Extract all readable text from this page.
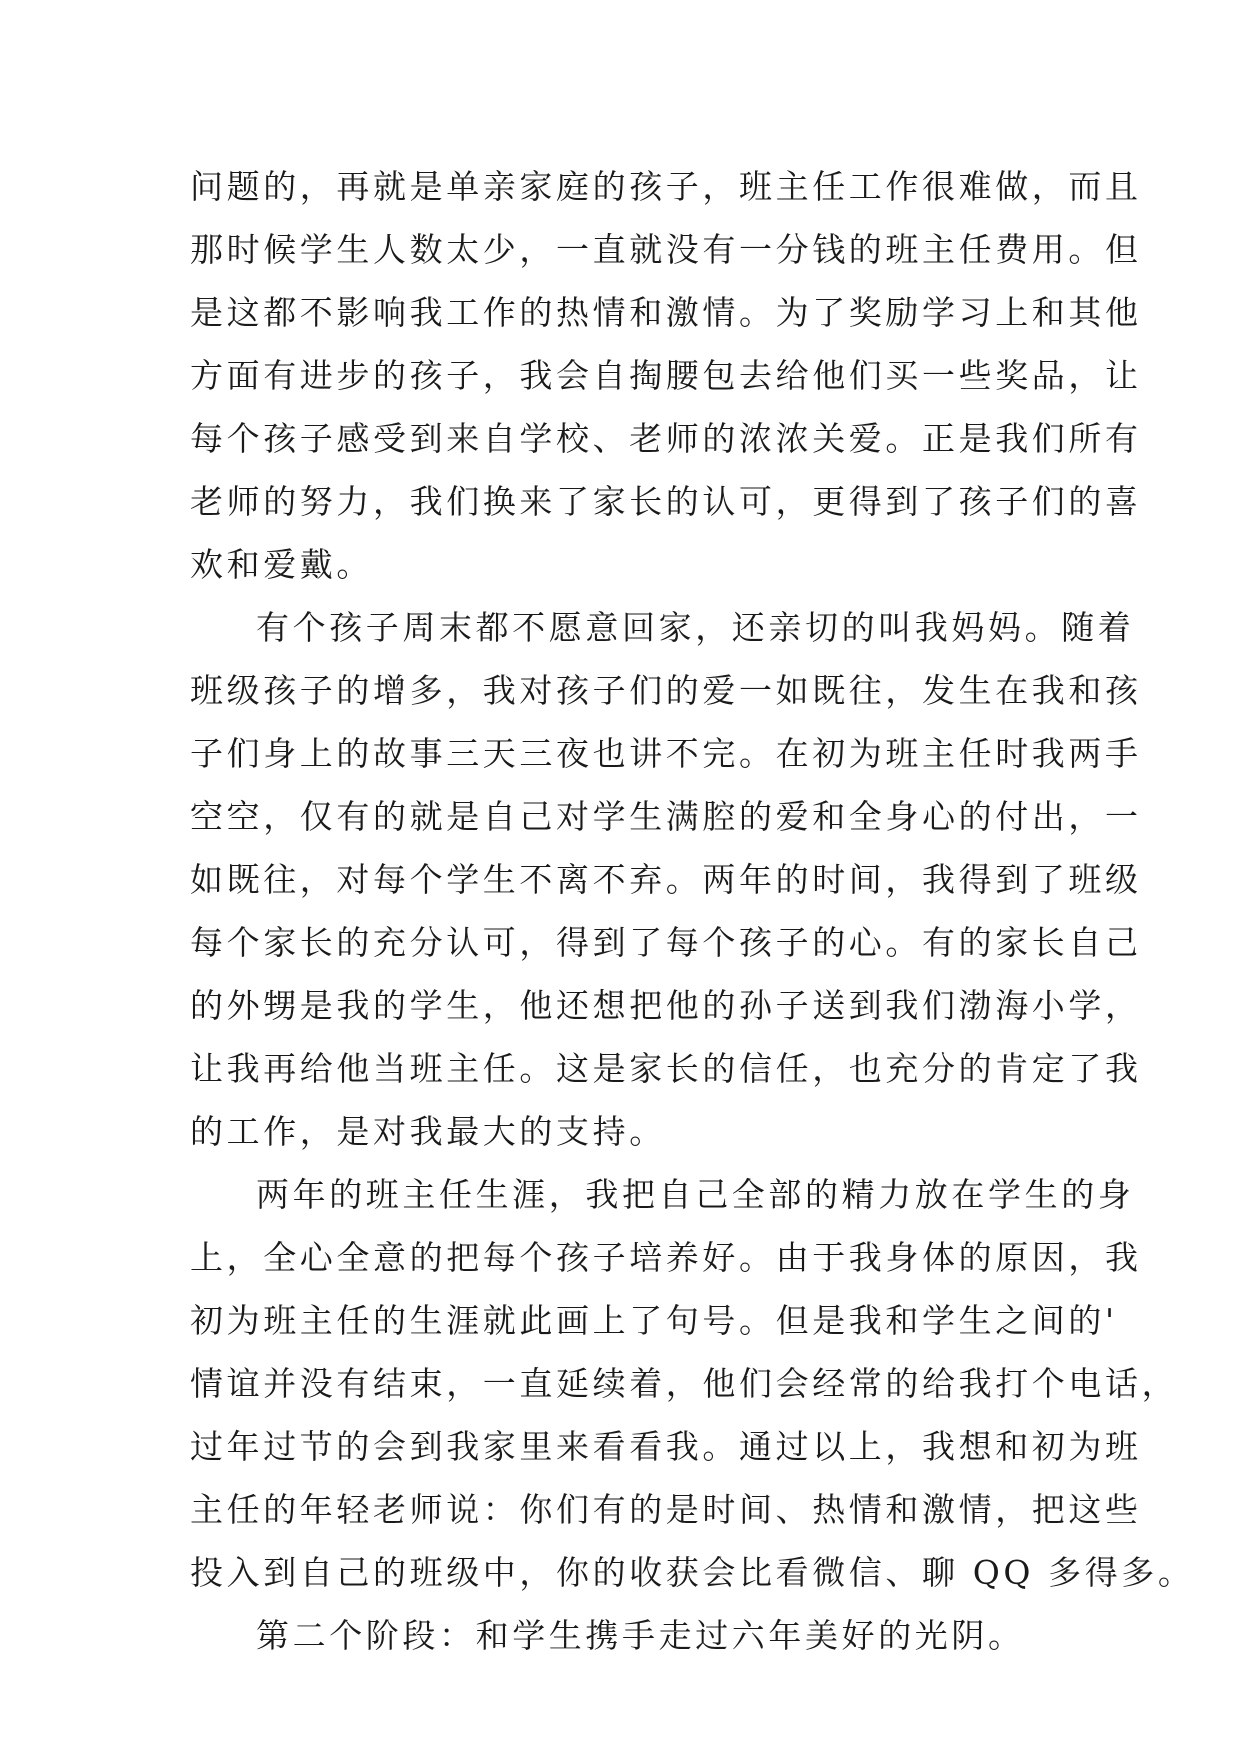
问题的，再就是单亲家庭的孩子，班主任工作很难做，而且
那时候学生人数太少，一直就没有一分钱的班主任费用。但
是这都不影响我工作的热情和激情。为了奖励学习上和其他
方面有进步的孩子，我会自掏腰包去给他们买一些奖品，让
每个孩子感受到来自学校、老师的浓浓关爱。正是我们所有
老师的努力，我们换来了家长的认可，更得到了孩子们的喜
欢和爱戴。
有个孩子周末都不愿意回家，还亲切的叫我妈妈。随着
班级孩子的增多，我对孩子们的爱一如既往，发生在我和孩
子们身上的故事三天三夜也讲不完。在初为班主任时我两手
空空，仅有的就是自己对学生满腔的爱和全身心的付出，一
如既往，对每个学生不离不弃。两年的时间，我得到了班级
每个家长的充分认可，得到了每个孩子的心。有的家长自己
的外甥是我的学生，他还想把他的孙子送到我们渤海小学，
让我再给他当班主任。这是家长的信任，也充分的肯定了我
的工作，是对我最大的支持。
两年的班主任生涯，我把自己全部的精力放在学生的身
上，全心全意的把每个孩子培养好。由于我身体的原因，我
初为班主任的生涯就此画上了句号。但是我和学生之间的'
情谊并没有结束，一直延续着，他们会经常的给我打个电话，
过年过节的会到我家里来看看我。通过以上，我想和初为班
主任的年轻老师说：你们有的是时间、热情和激情，把这些
投入到自己的班级中，你的收获会比看微信、聊 QQ 多得多。
第二个阶段：和学生携手走过六年美好的光阴。
